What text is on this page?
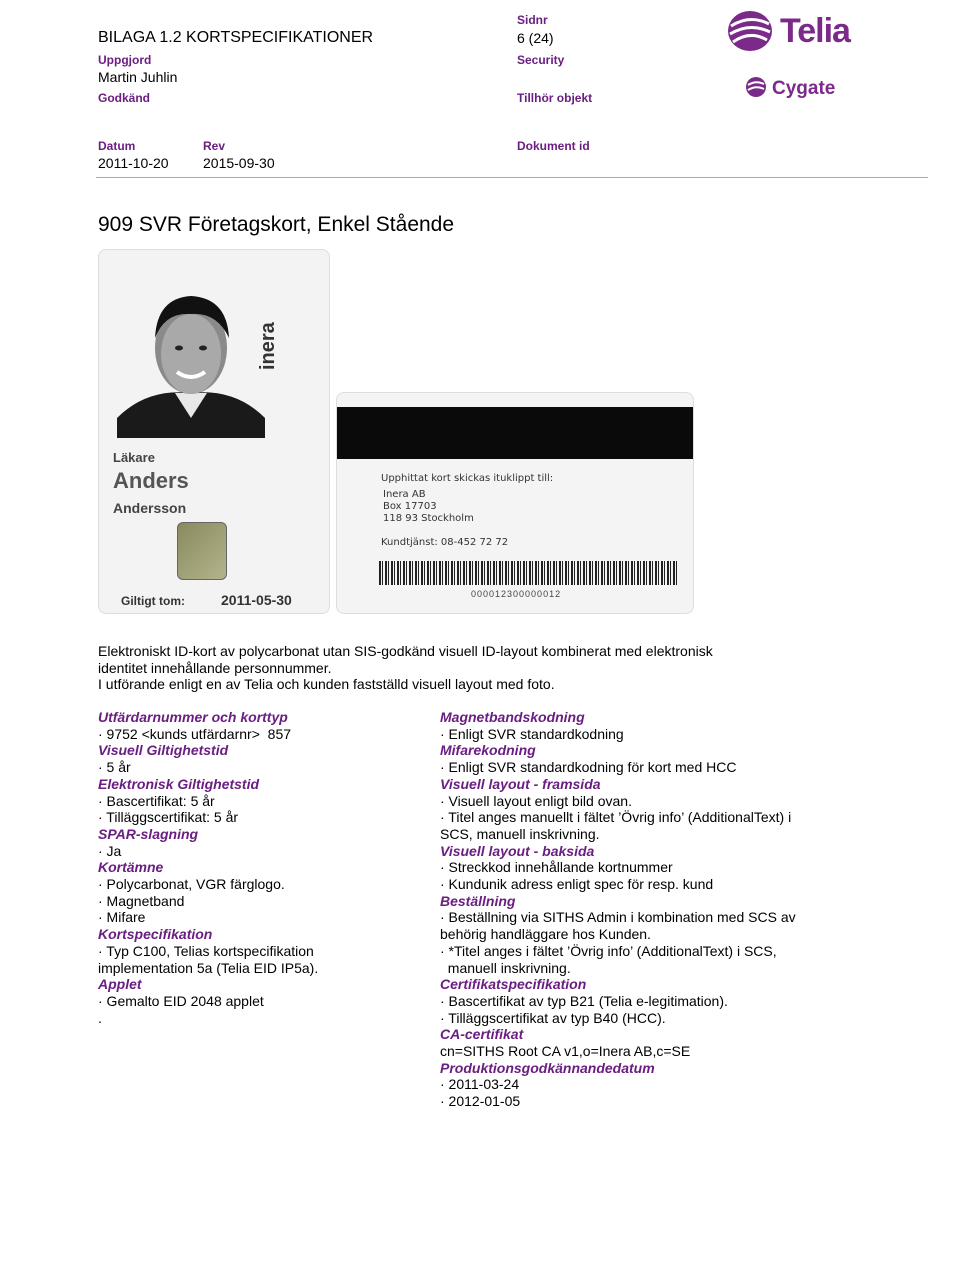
BILAGA 1.2 KORTSPECIFIKATIONER
Sidnr
6 (24)
Uppgjord
Martin Juhlin
Security
Godkänd	Tillhör objekt
Datum
2011-10-20
Rev
2015-09-30
Dokument id
Telia
Cygate
909 SVR Företagskort, Enkel Stående
inera
Läkare
Anders
Andersson
Giltigt tom:	2011-05-30
Upphittat kort skickas ituklippt till:
Inera AB
Box 17703
118 93 Stockholm
Kundtjänst: 08-452 72 72
000012300000012
Elektroniskt ID-kort av polycarbonat utan SIS-godkänd visuell ID-layout kombinerat med elektronisk
identitet innehållande personnummer.
I utförande enligt en av Telia och kunden fastställd visuell layout med foto.

Utfärdarnummer och korttyp

· 9752 <kunds utfärdarnr>  857

Visuell Giltighetstid

· 5 år

Elektronisk Giltighetstid

· Bascertifikat: 5 år

· Tilläggscertifikat: 5 år

SPAR-slagning

· Ja

Kortämne

· Polycarbonat, VGR färglogo.

· Magnetband

· Mifare

Kortspecifikation

· Typ C100, Telias kortspecifikation

implementation 5a (Telia EID IP5a).

Applet

· Gemalto EID 2048 applet

.

Magnetbandskodning

· Enligt SVR standardkodning

Mifarekodning

· Enligt SVR standardkodning för kort med HCC

Visuell layout - framsida

· Visuell layout enligt bild ovan.

· Titel anges manuellt i fältet ’Övrig info’ (AdditionalText) i

SCS, manuell inskrivning.

Visuell layout - baksida

· Streckkod innehållande kortnummer

· Kundunik adress enligt spec för resp. kund

Beställning

· Beställning via SITHS Admin i kombination med SCS av

behörig handläggare hos Kunden.

· *Titel anges i fältet ’Övrig info’ (AdditionalText) i SCS,

manuell inskrivning.

Certifikatspecifikation

· Bascertifikat av typ B21 (Telia e-legitimation).

· Tilläggscertifikat av typ B40 (HCC).

CA-certifikat

cn=SITHS Root CA v1,o=Inera AB,c=SE

Produktionsgodkännandedatum

· 2011-03-24

· 2012-01-05
